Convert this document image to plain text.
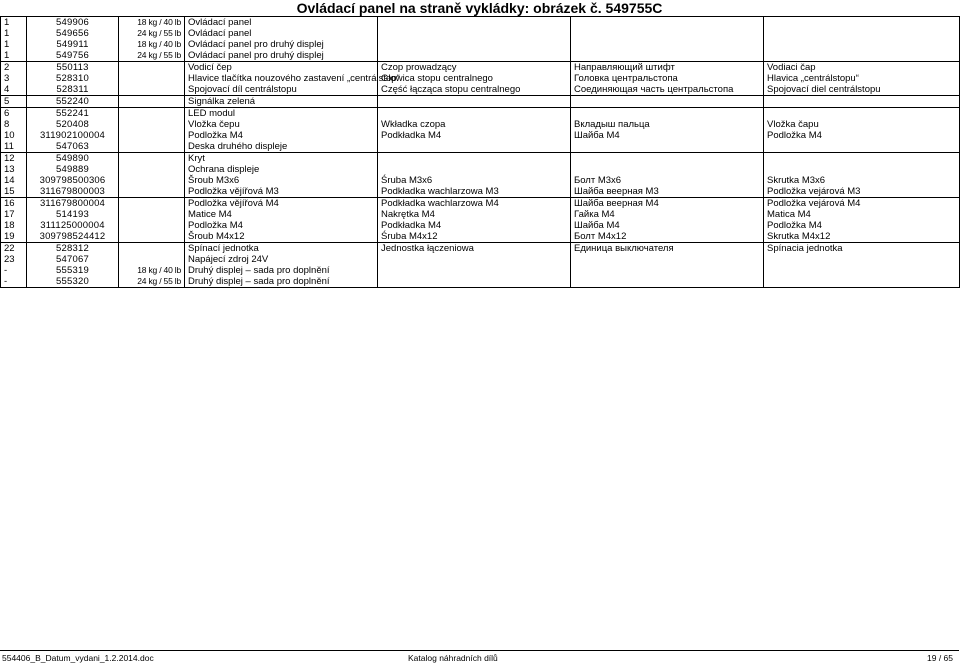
Ovládací panel na straně vykládky: obrázek č. 549755C
1	549906	18 kg / 40 lb	Ovládací panel			
1	549656	24 kg / 55 lb	Ovládací panel			
1	549911	18 kg / 40 lb	Ovládací panel pro druhý displej			
1	549756	24 kg / 55 lb	Ovládací panel pro druhý displej			
2	550113		Vodicí čep	Czop prowadzący	Направляющий штифт	Vodiaci čap
3	528310		Hlavice tlačítka nouzového zastavení „centrálstop“	Głowica stopu centralnego	Головка центральстопа	Hlavica „centrálstopu“
4	528311		Spojovací díl centrálstopu	Część łącząca stopu centralnego	Соединяющая часть центральстопа	Spojovací diel centrálstopu
5	552240		Signálka zelená			
6	552241		LED modul			
8	520408		Vložka čepu	Wkładka czopa	Вкладыш пальца	Vložka čapu
10	311902100004		Podložka M4	Podkładka M4	Шайба M4	Podložka M4
11	547063		Deska druhého displeje			
12	549890		Kryt			
13	549889		Ochrana displeje			
14	309798500306		Šroub M3x6	Śruba M3x6	Болт M3x6	Skrutka M3x6
15	311679800003		Podložka vějířová M3	Podkładka wachlarzowa M3	Шайба веерная M3	Podložka vejárová M3
16	311679800004		Podložka vějířová M4	Podkładka wachlarzowa M4	Шайба веерная M4	Podložka vejárová M4
17	514193		Matice M4	Nakrętka M4	Гайка M4	Matica M4
18	311125000004		Podložka M4	Podkładka M4	Шайба M4	Podložka M4
19	309798524412		Šroub M4x12	Śruba M4x12	Болт M4x12	Skrutka M4x12
22	528312		Spínací jednotka	Jednostka łączeniowa	Единица выключателя	Spínacia jednotka
23	547067		Napájecí zdroj 24V			
-	555319	18 kg / 40 lb	Druhý displej – sada pro doplnění			
-	555320	24 kg / 55 lb	Druhý displej – sada pro doplnění			
554406_B_Datum_vydani_1.2.2014.doc	Katalog náhradních dílů	19 / 65
